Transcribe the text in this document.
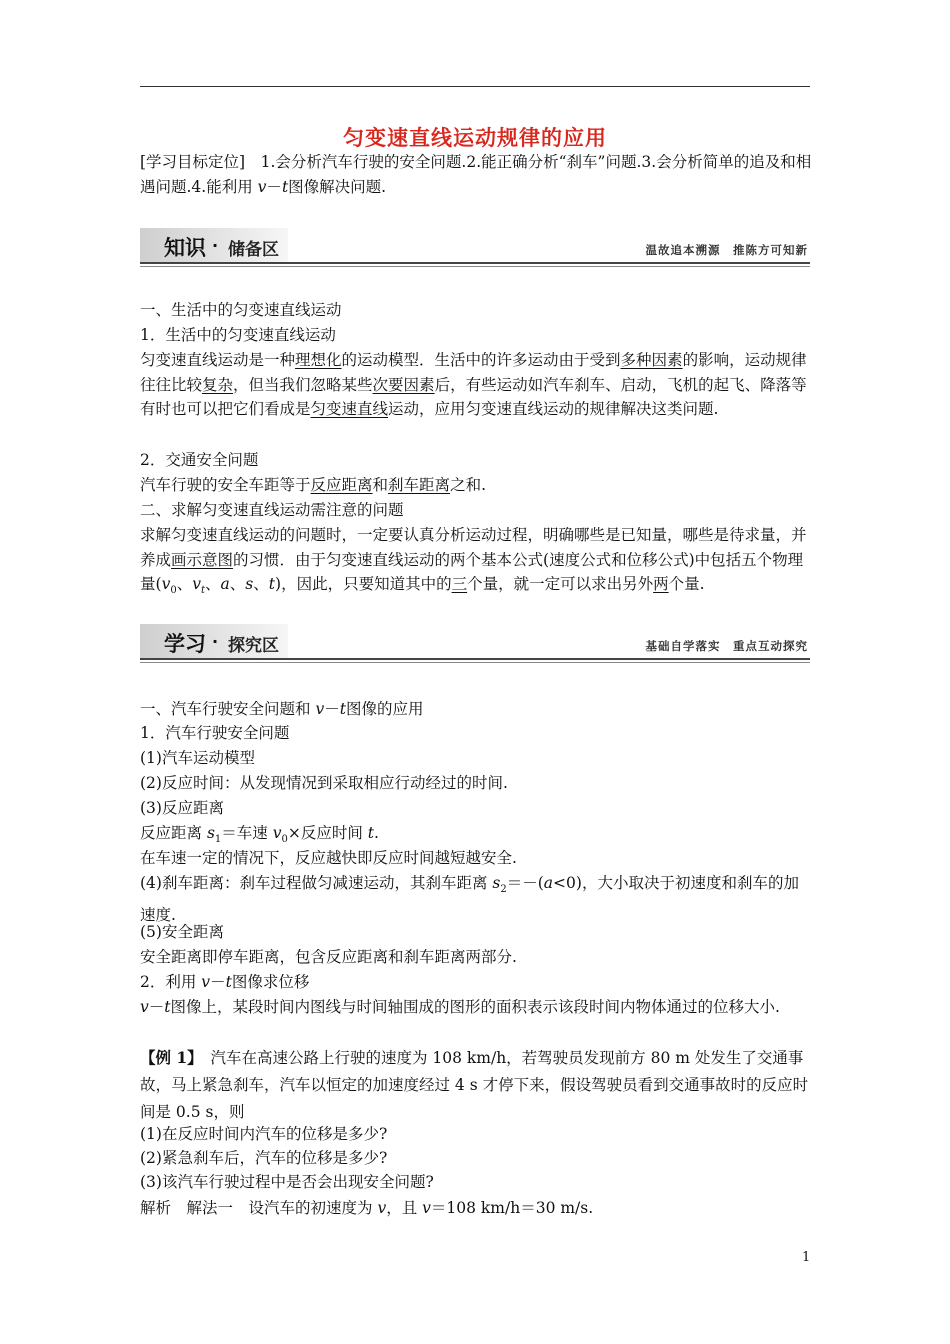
匀变速直线运动规律的应用

[学习目标定位]　 1.会分析汽车行驶的安全问题.2.能正确分析“刹车”问题.3.会分析简单的追及和相遇问题.4.能利用 v－t图像解决问题.

知识 · 储备区	温故追本溯源　推陈方可知新
一、生活中的匀变速直线运动
1．生活中的匀变速直线运动

匀变速直线运动是一种理想化的运动模型．生活中的许多运动由于受到多种因素的影响，运动规律往往比较复杂，但当我们忽略某些次要因素后，有些运动如汽车刹车、启动，飞机的起飞、降落等有时也可以把它们看成是匀变速直线运动，应用匀变速直线运动的规律解决这类问题.

2．交通安全问题
汽车行驶的安全车距等于反应距离和刹车距离之和.
二、求解匀变速直线运动需注意的问题

求解匀变速直线运动的问题时，一定要认真分析运动过程，明确哪些是已知量，哪些是待求量，并养成画示意图的习惯．由于匀变速直线运动的两个基本公式(速度公式和位移公式)中包括五个物理量($v_0$、$v_t$、a、s、t)，因此，只要知道其中的三个量，就一定可以求出另外两个量.

学习 · 探究区	基础自学落实　重点互动探究
一、汽车行驶安全问题和 v－t图像的应用
1．汽车行驶安全问题
(1)汽车运动模型
(2)反应时间：从发现情况到采取相应行动经过的时间.
(3)反应距离
反应距离 $s_1=$车速 $v_0\times$反应时间 t.
在车速一定的情况下，反应越快即反应时间越短越安全.

(4)刹车距离：刹车过程做匀减速运动，其刹车距离 $s_2=-(a<0)$，大小取决于初速度和刹车的加速度.

(5)安全距离
安全距离即停车距离，包含反应距离和刹车距离两部分.
2．利用 v－t图像求位移

v－t图像上，某段时间内图线与时间轴围成的图形的面积表示该段时间内物体通过的位移大小.

【例 1】　汽车在高速公路上行驶的速度为 108 km/h，若驾驶员发现前方 80 m 处发生了交通事故，马上紧急刹车，汽车以恒定的加速度经过 4 s 才停下来，假设驾驶员看到交通事故时的反应时间是 0.5 s，则

(1)在反应时间内汽车的位移是多少?
(2)紧急刹车后，汽车的位移是多少?
(3)该汽车行驶过程中是否会出现安全问题?
解析　解法一　设汽车的初速度为 v，且 v＝108 km/h＝30 m/s.
1
